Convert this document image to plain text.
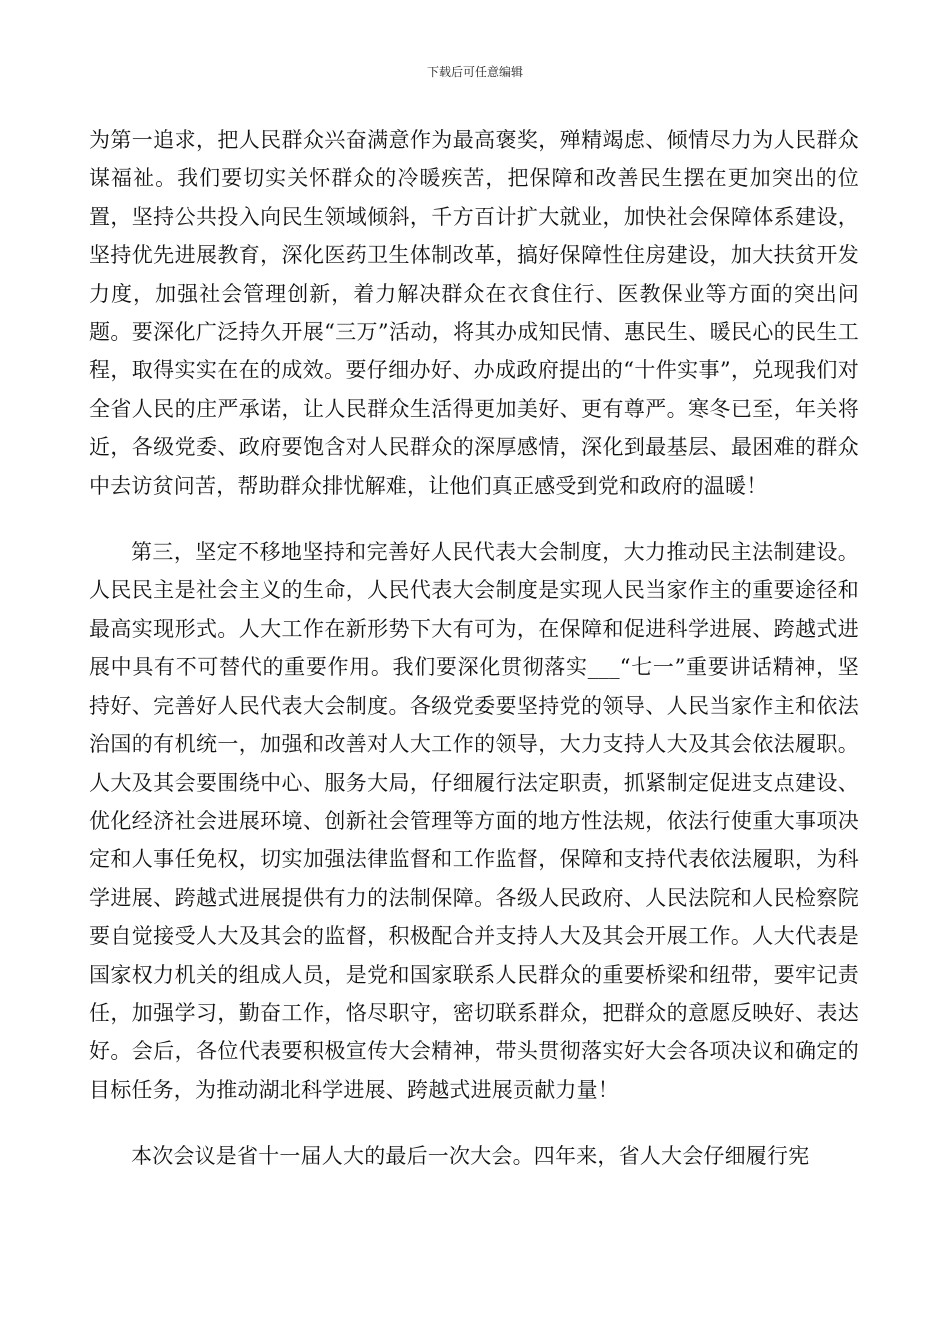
下载后可任意编辑

为第一追求，把人民群众兴奋满意作为最高褒奖，殚精竭虑、倾情尽力为人民群众谋福祉。我们要切实关怀群众的冷暖疾苦，把保障和改善民生摆在更加突出的位置，坚持公共投入向民生领域倾斜，千方百计扩大就业，加快社会保障体系建设，坚持优先进展教育，深化医药卫生体制改革，搞好保障性住房建设，加大扶贫开发力度，加强社会管理创新，着力解决群众在衣食住行、医教保业等方面的突出问题。要深化广泛持久开展“三万”活动，将其办成知民情、惠民生、暖民心的民生工程，取得实实在在的成效。要仔细办好、办成政府提出的“十件实事”，兑现我们对全省人民的庄严承诺，让人民群众生活得更加美好、更有尊严。寒冬已至，年关将近，各级党委、政府要饱含对人民群众的深厚感情，深化到最基层、最困难的群众中去访贫问苦，帮助群众排忧解难，让他们真正感受到党和政府的温暖！

第三，坚定不移地坚持和完善好人民代表大会制度，大力推动民主法制建设。人民民主是社会主义的生命，人民代表大会制度是实现人民当家作主的重要途径和最高实现形式。人大工作在新形势下大有可为，在保障和促进科学进展、跨越式进展中具有不可替代的重要作用。我们要深化贯彻落实___“七一”重要讲话精神，坚持好、完善好人民代表大会制度。各级党委要坚持党的领导、人民当家作主和依法治国的有机统一，加强和改善对人大工作的领导，大力支持人大及其会依法履职。人大及其会要围绕中心、服务大局，仔细履行法定职责，抓紧制定促进支点建设、优化经济社会进展环境、创新社会管理等方面的地方性法规，依法行使重大事项决定和人事任免权，切实加强法律监督和工作监督，保障和支持代表依法履职，为科学进展、跨越式进展提供有力的法制保障。各级人民政府、人民法院和人民检察院要自觉接受人大及其会的监督，积极配合并支持人大及其会开展工作。人大代表是国家权力机关的组成人员，是党和国家联系人民群众的重要桥梁和纽带，要牢记责任，加强学习，勤奋工作，恪尽职守，密切联系群众，把群众的意愿反映好、表达好。会后，各位代表要积极宣传大会精神，带头贯彻落实好大会各项决议和确定的目标任务，为推动湖北科学进展、跨越式进展贡献力量！

本次会议是省十一届人大的最后一次大会。四年来，省人大会仔细履行宪
